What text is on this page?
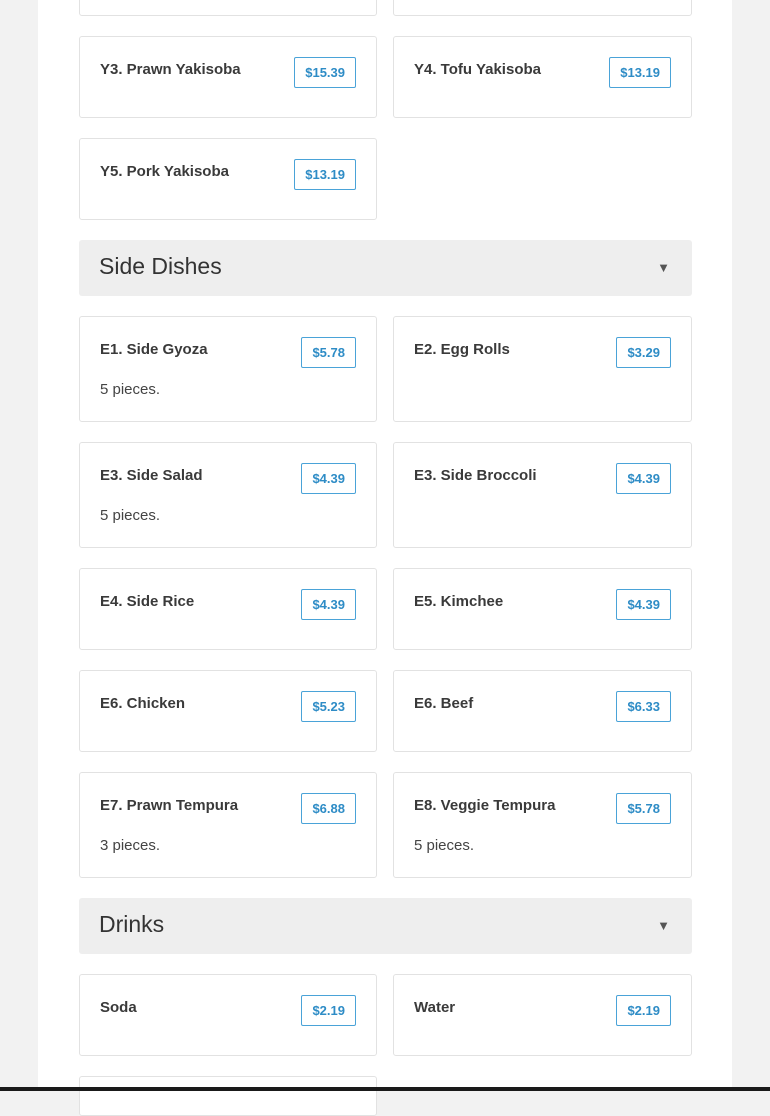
Y3. Prawn Yakisoba	$15.39	Y4. Tofu Yakisoba	$13.19
Y5. Pork Yakisoba	$13.19
Side Dishes	▼
E1. Side Gyoza	$5.78
5 pieces.
E2. Egg Rolls	$3.29
E3. Side Salad	$4.39
5 pieces.
E3. Side Broccoli	$4.39
E4. Side Rice	$4.39	E5. Kimchee	$4.39
E6. Chicken	$5.23	E6. Beef	$6.33
E7. Prawn Tempura	$6.88
3 pieces.
E8. Veggie Tempura	$5.78
5 pieces.
Drinks	▼
Soda	$2.19	Water	$2.19
